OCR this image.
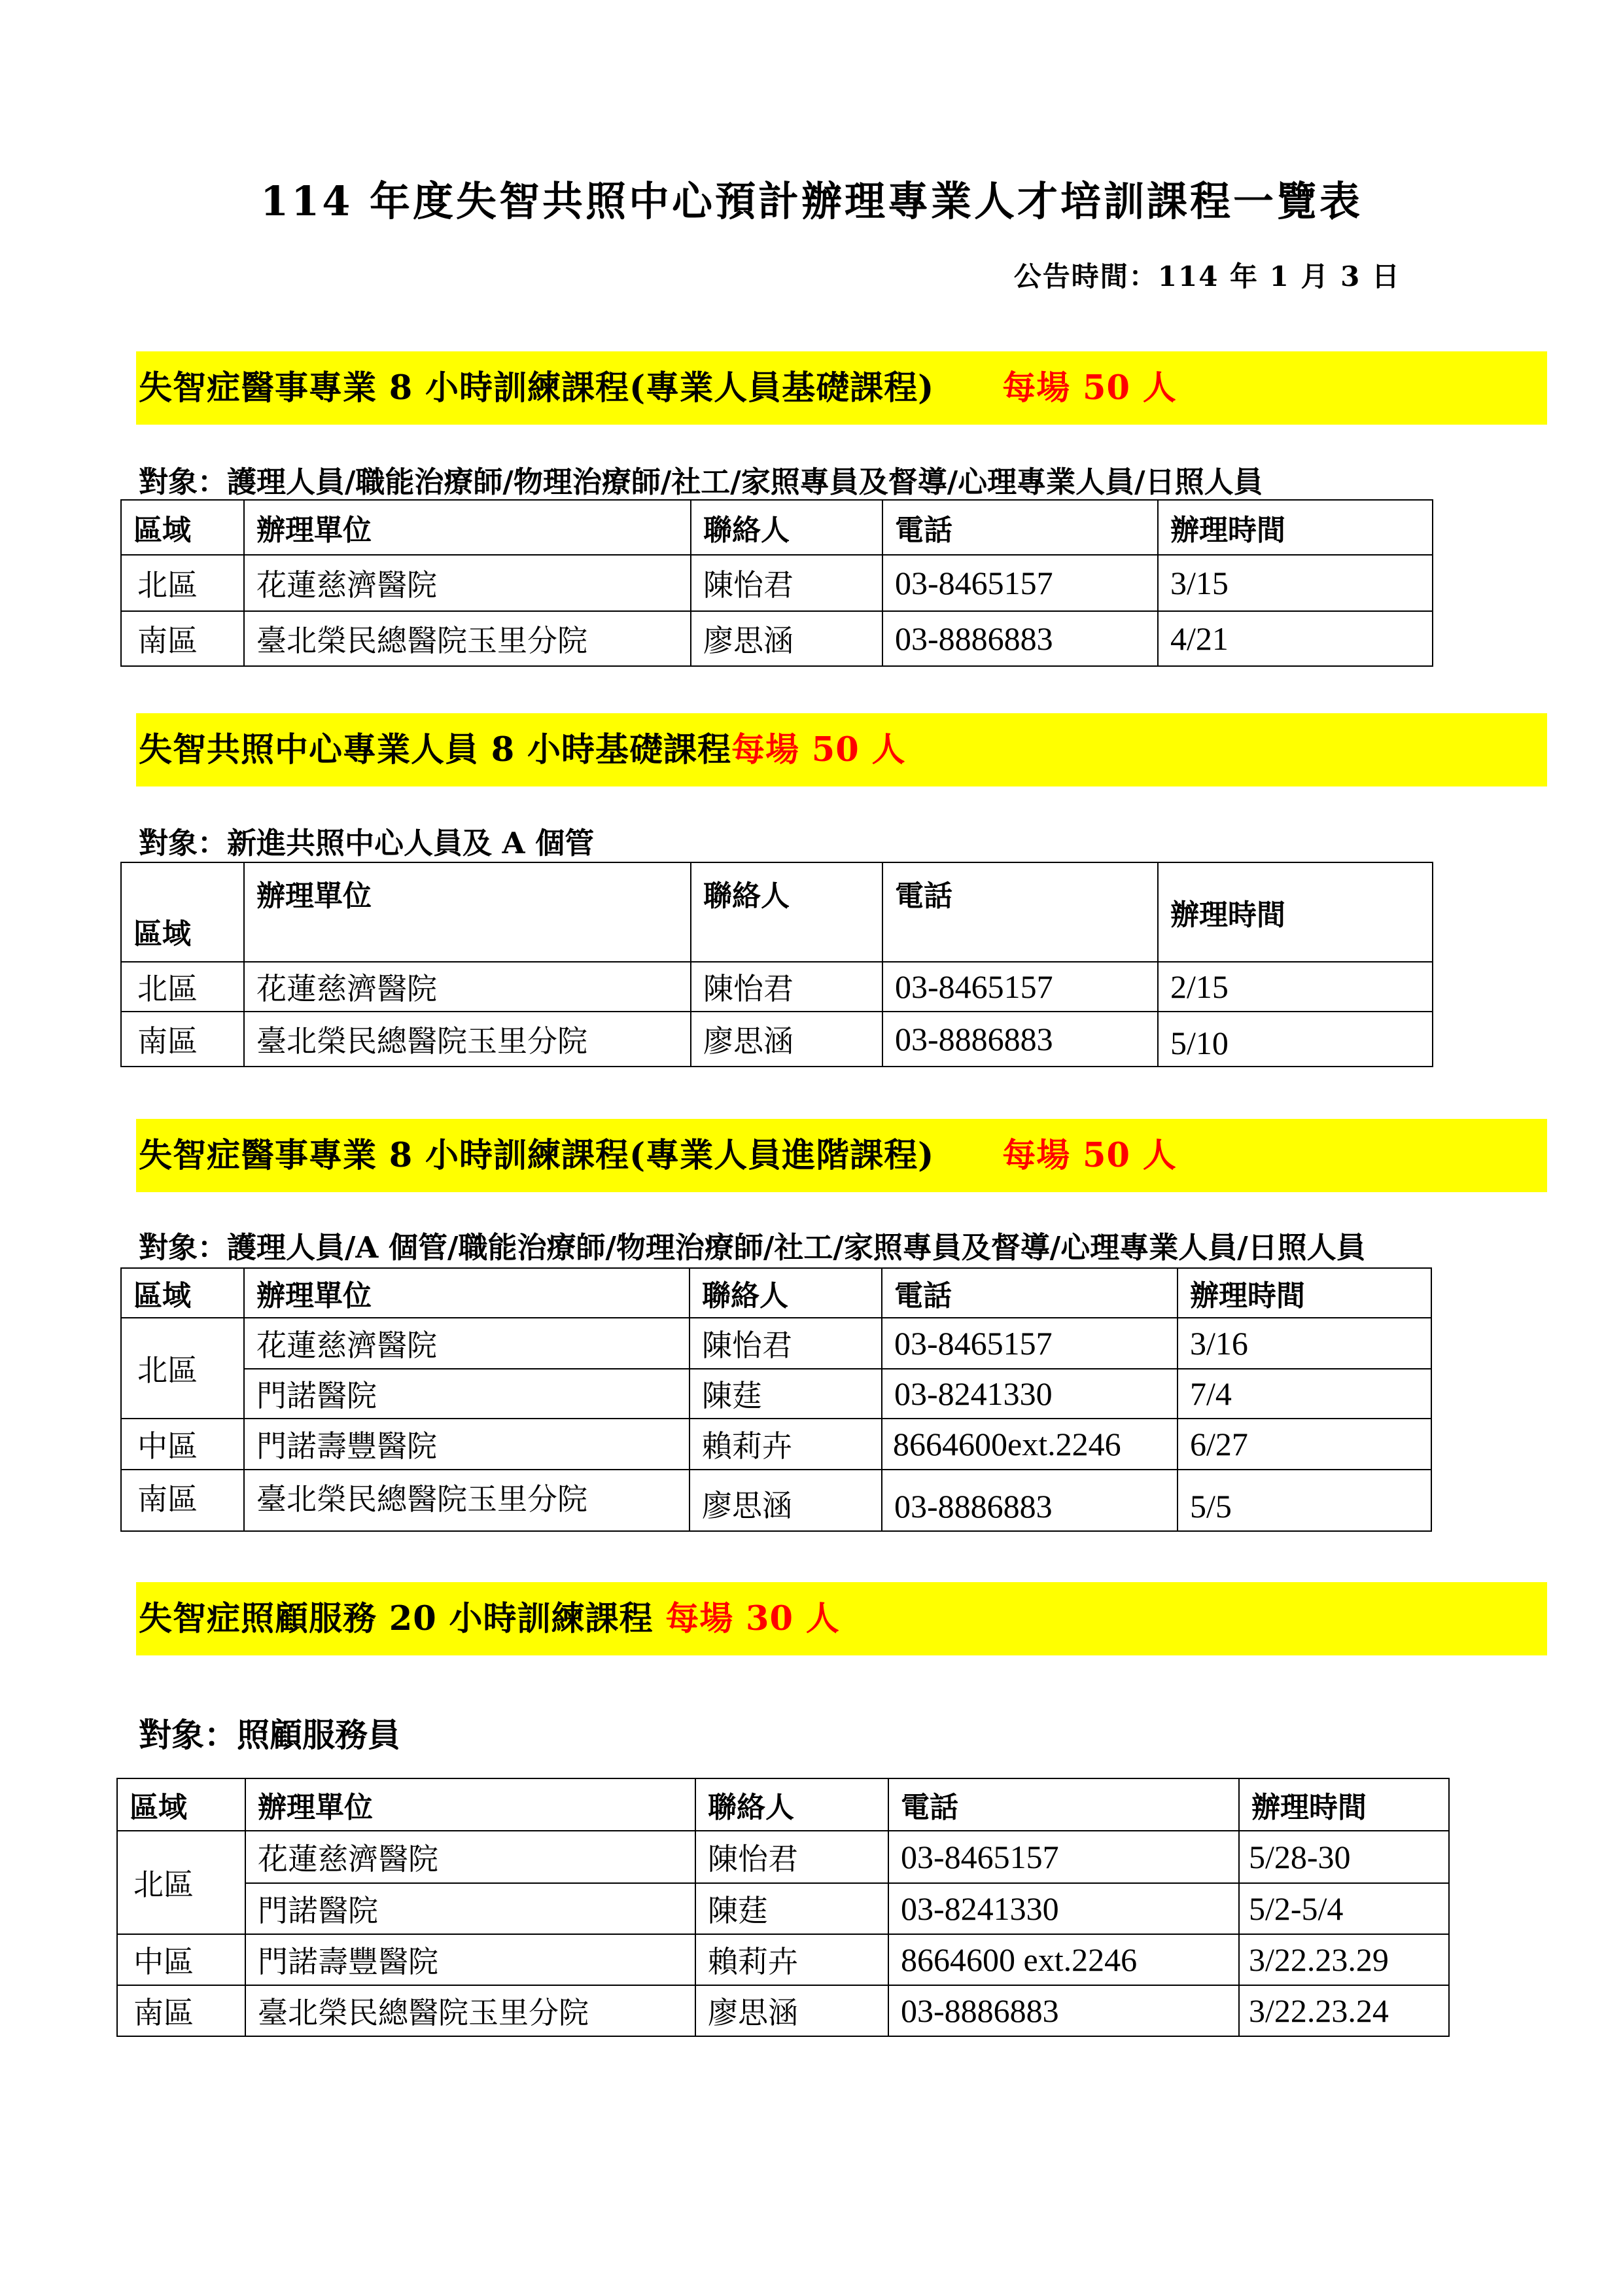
114 年度失智共照中心預計辦理專業人才培訓課程一覽表
公告時間：114 年 1 月 3 日
失智症醫事專業 8 小時訓練課程(專業人員基礎課程)　　 每場 50 人
對象：護理人員/職能治療師/物理治療師/社工/家照專員及督導/心理專業人員/日照人員
區域	辦理單位	聯絡人	電話	辦理時間
北區	花蓮慈濟醫院	陳怡君	03-8465157	3/15
南區	臺北榮民總醫院玉里分院	廖思涵	03-8886883	4/21
失智共照中心專業人員 8 小時基礎課程每場 50 人
對象：新進共照中心人員及 A 個管
區域	辦理單位	聯絡人	電話	辦理時間
北區	花蓮慈濟醫院	陳怡君	03-8465157	2/15
南區	臺北榮民總醫院玉里分院	廖思涵	03-8886883	5/10
失智症醫事專業 8 小時訓練課程(專業人員進階課程)　　 每場 50 人
對象：護理人員/A 個管/職能治療師/物理治療師/社工/家照專員及督導/心理專業人員/日照人員
區域	辦理單位	聯絡人	電話	辦理時間
北區	花蓮慈濟醫院	陳怡君	03-8465157	3/16
	門諾醫院	陳莛	03-8241330	7/4
中區	門諾壽豐醫院	賴莉卉	8664600ext.2246	6/27
南區	臺北榮民總醫院玉里分院	廖思涵	03-8886883	5/5
失智症照顧服務 20 小時訓練課程 每場 30 人
對象：照顧服務員
區域	辦理單位	聯絡人	電話	辦理時間
北區	花蓮慈濟醫院	陳怡君	03-8465157	5/28-30
	門諾醫院	陳莛	03-8241330	5/2-5/4
中區	門諾壽豐醫院	賴莉卉	8664600 ext.2246	3/22.23.29
南區	臺北榮民總醫院玉里分院	廖思涵	03-8886883	3/22.23.24
